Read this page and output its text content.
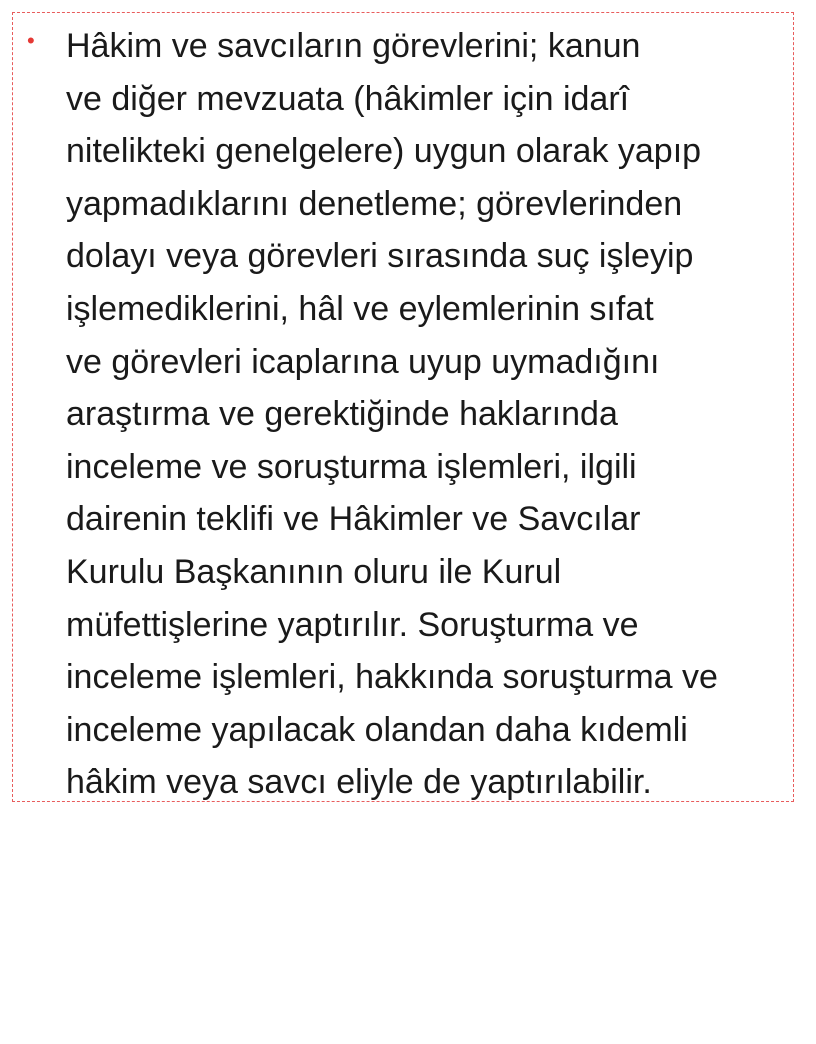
• Hâkim ve savcıların görevlerini; kanun
ve diğer mevzuata (hâkimler için idarî
nitelikteki genelgelere) uygun olarak yapıp
yapmadıklarını denetleme; görevlerinden
dolayı veya görevleri sırasında suç işleyip
işlemediklerini, hâl ve eylemlerinin sıfat
ve görevleri icaplarına uyup uymadığını
araştırma ve gerektiğinde haklarında
inceleme ve soruşturma işlemleri, ilgili
dairenin teklifi ve Hâkimler ve Savcılar
Kurulu Başkanının oluru ile Kurul
müfettişlerine yaptırılır. Soruşturma ve
inceleme işlemleri, hakkında soruşturma ve
inceleme yapılacak olandan daha kıdemli
hâkim veya savcı eliyle de yaptırılabilir.
